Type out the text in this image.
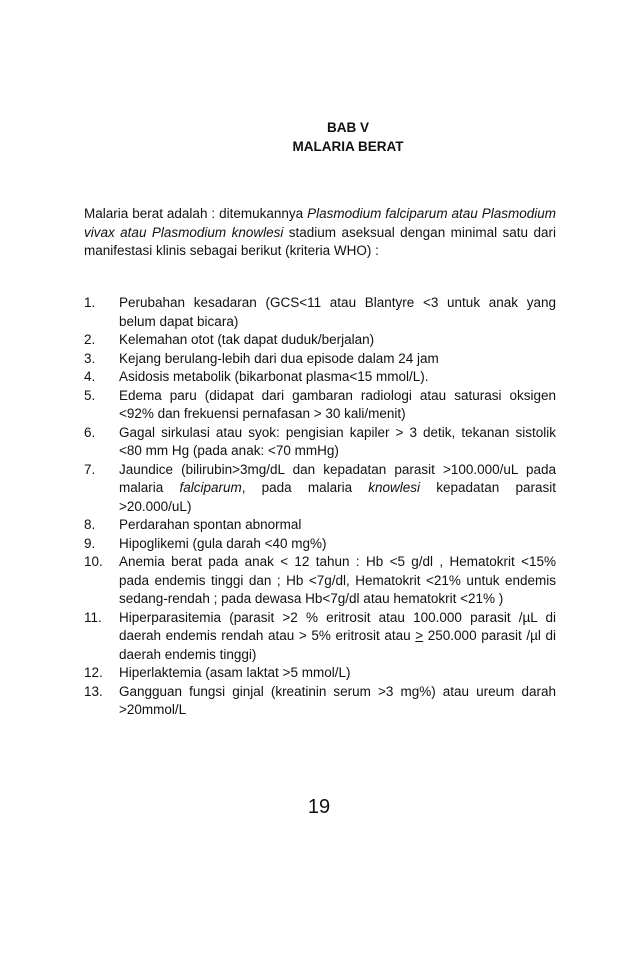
BAB V
MALARIA BERAT

Malaria berat adalah : ditemukannya Plasmodium falciparum atau Plasmodium vivax atau Plasmodium knowlesi stadium aseksual dengan minimal satu dari manifestasi klinis sebagai berikut (kriteria WHO) :

1.	Perubahan kesadaran (GCS<11 atau Blantyre <3 untuk anak yang belum dapat bicara)
2.	Kelemahan otot (tak dapat duduk/berjalan)
3.	Kejang berulang-lebih dari dua episode dalam 24 jam
4.	Asidosis metabolik (bikarbonat plasma<15 mmol/L).
5.	Edema paru (didapat dari gambaran radiologi atau saturasi oksigen <92% dan frekuensi pernafasan > 30 kali/menit)
6.	Gagal sirkulasi atau syok: pengisian kapiler > 3 detik, tekanan sistolik <80 mm Hg (pada anak: <70 mmHg)
7.	Jaundice (bilirubin>3mg/dL dan kepadatan parasit >100.000/uL pada malaria falciparum, pada malaria knowlesi kepadatan parasit >20.000/uL)
8.	Perdarahan spontan abnormal
9.	Hipoglikemi (gula darah <40 mg%)
10.	Anemia berat pada anak < 12 tahun : Hb <5 g/dl , Hematokrit <15% pada endemis tinggi dan ; Hb <7g/dl, Hematokrit <21% untuk endemis sedang-rendah ; pada dewasa Hb<7g/dl atau hematokrit <21% )
11.	Hiperparasitemia (parasit >2 % eritrosit atau 100.000 parasit /µL di daerah endemis rendah atau > 5% eritrosit atau > 250.000 parasit /µl di daerah endemis tinggi)
12.	Hiperlaktemia (asam laktat >5 mmol/L)
13.	Gangguan fungsi ginjal (kreatinin serum >3 mg%) atau ureum darah >20mmol/L
19
